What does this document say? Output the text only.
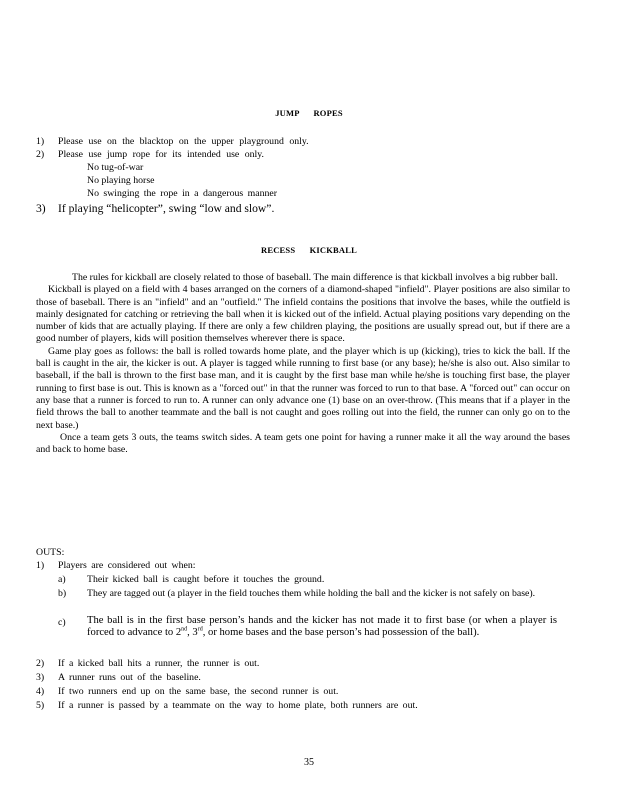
JUMP ROPES
1) Please use on the blacktop on the upper playground only.
2) Please use jump rope for its intended use only.
No tug-of-war
No playing horse
No swinging the rope in a dangerous manner
3) If playing “helicopter”, swing “low and slow”.
RECESS KICKBALL

The rules for kickball are closely related to those of baseball. The main difference is that kickball involves a big rubber ball.

Kickball is played on a field with 4 bases arranged on the corners of a diamond-shaped "infield". Player positions are also similar to those of baseball. There is an "infield" and an "outfield." The infield contains the positions that involve the bases, while the outfield is mainly designated for catching or retrieving the ball when it is kicked out of the infield. Actual playing positions vary depending on the number of kids that are actually playing. If there are only a few children playing, the positions are usually spread out, but if there are a good number of players, kids will position themselves wherever there is space.

Game play goes as follows: the ball is rolled towards home plate, and the player which is up (kicking), tries to kick the ball. If the ball is caught in the air, the kicker is out. A player is tagged while running to first base (or any base); he/she is also out. Also similar to baseball, if the ball is thrown to the first base man, and it is caught by the first base man while he/she is touching first base, the player running to first base is out. This is known as a "forced out" in that the runner was forced to run to that base. A "forced out" can occur on any base that a runner is forced to run to. A runner can only advance one (1) base on an over-throw. (This means that if a player in the field throws the ball to another teammate and the ball is not caught and goes rolling out into the field, the runner can only go on to the next base.)

Once a team gets 3 outs, the teams switch sides. A team gets one point for having a runner make it all the way around the bases and back to home base.

OUTS:
1) Players are considered out when:
a) Their kicked ball is caught before it touches the ground.
b) They are tagged out (a player in the field touches them while holding the ball and the kicker is not safely on base).
c) The ball is in the first base person’s hands and the kicker has not made it to first base (or when a player is forced to advance to 2nd, 3rd, or home bases and the base person’s had possession of the ball).
2) If a kicked ball hits a runner, the runner is out.
3) A runner runs out of the baseline.
4) If two runners end up on the same base, the second runner is out.
5) If a runner is passed by a teammate on the way to home plate, both runners are out.
35
